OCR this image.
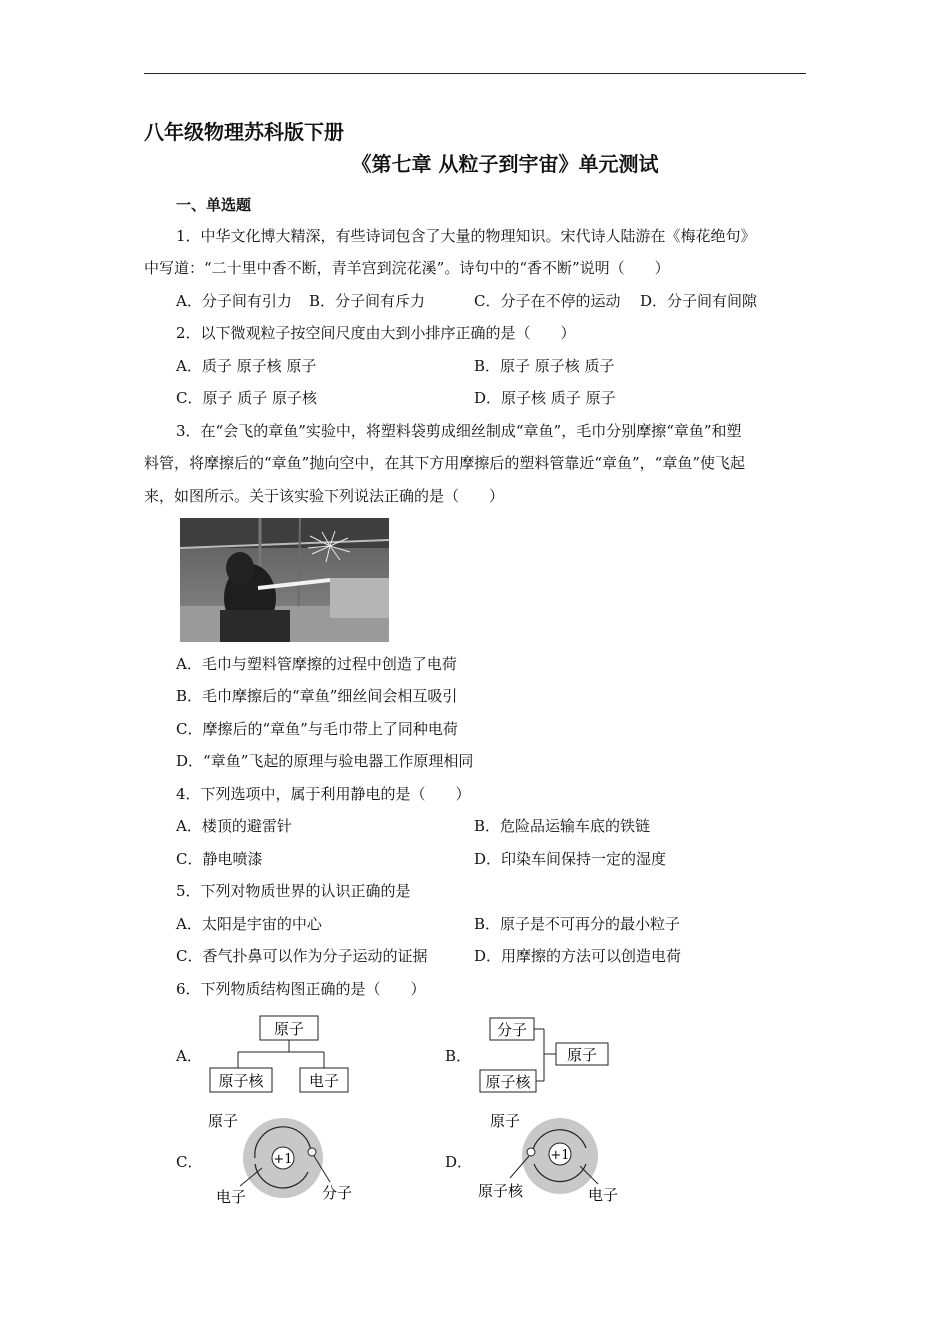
八年级物理苏科版下册
《第七章 从粒子到宇宙》单元测试
一、单选题
1．中华文化博大精深，有些诗词包含了大量的物理知识。宋代诗人陆游在《梅花绝句》
中写道：“二十里中香不断，青羊宫到浣花溪”。诗句中的“香不断”说明（　　）
A．分子间有引力 B．分子间有斥力	C．分子在不停的运动 D．分子间有间隙
2．以下微观粒子按空间尺度由大到小排序正确的是（　　）
A．质子 原子核 原子	B．原子 原子核 质子
C．原子 质子 原子核	D．原子核 质子 原子
3．在“会飞的章鱼”实验中，将塑料袋剪成细丝制成“章鱼”，毛巾分别摩擦“章鱼”和塑
料管，将摩擦后的“章鱼”抛向空中，在其下方用摩擦后的塑料管靠近“章鱼”，“章鱼”使飞起
来，如图所示。关于该实验下列说法正确的是（　　）
A．毛巾与塑料管摩擦的过程中创造了电荷
B．毛巾摩擦后的“章鱼”细丝间会相互吸引
C．摩擦后的“章鱼”与毛巾带上了同种电荷
D．“章鱼”飞起的原理与验电器工作原理相同
4．下列选项中，属于利用静电的是（　　）
A．楼顶的避雷针	B．危险品运输车底的铁链
C．静电喷漆	D．印染车间保持一定的湿度
5．下列对物质世界的认识正确的是
A．太阳是宇宙的中心	B．原子是不可再分的最小粒子
C．香气扑鼻可以作为分子运动的证据	D．用摩擦的方法可以创造电荷
6．下列物质结构图正确的是（　　）
A．	B．
C．	D．
原子
原子核	电子
分子
原子核
原子
原子
+1
电子	分子
原子
+1
原子核	电子
